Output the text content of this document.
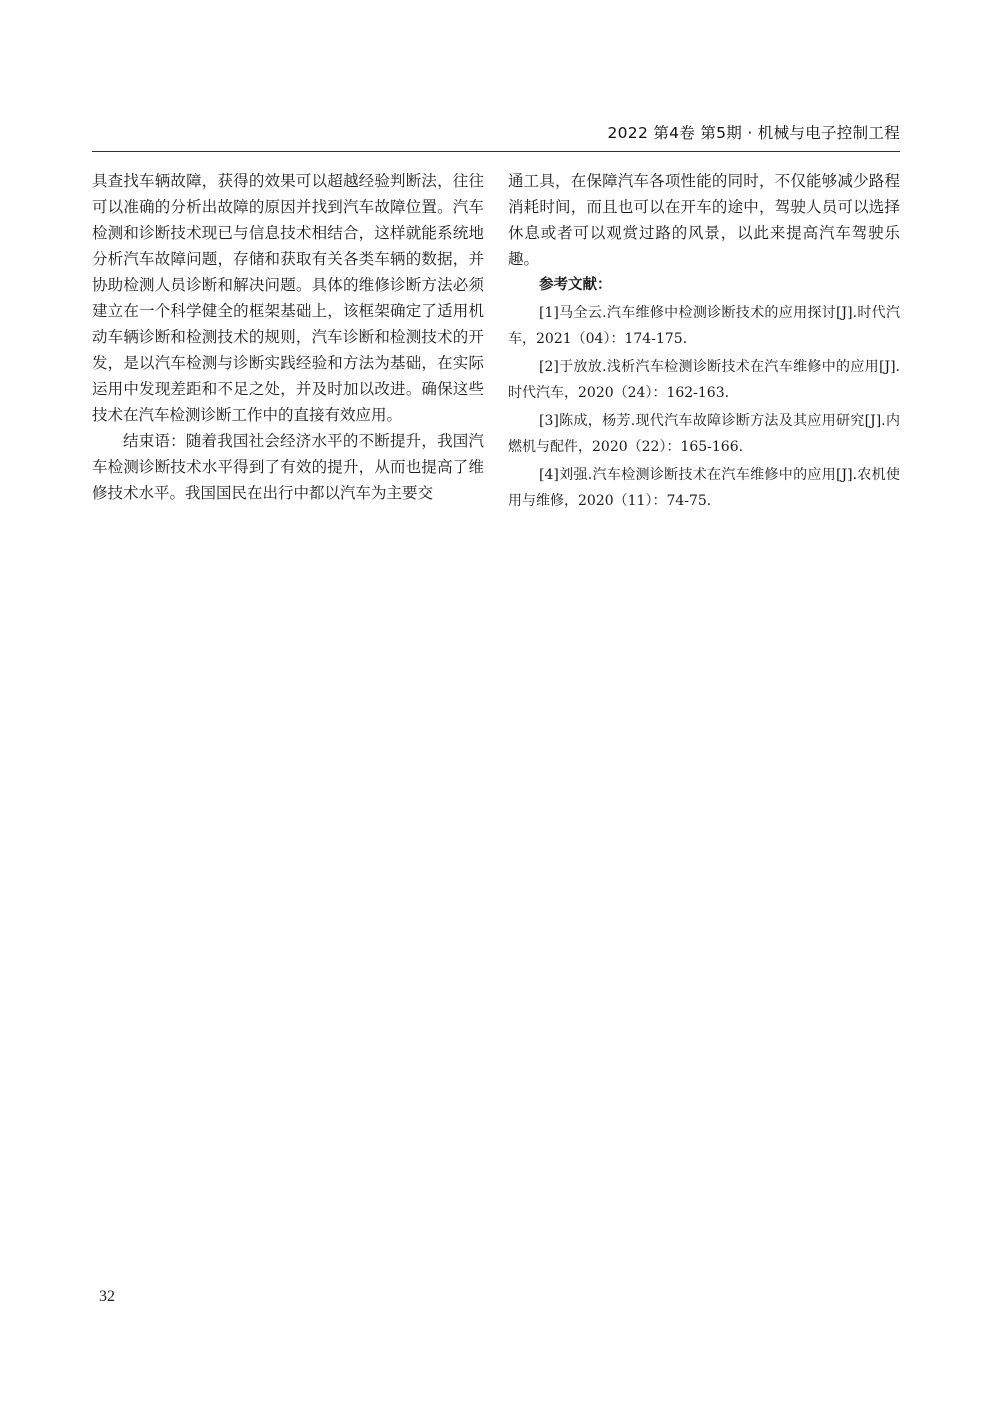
2022 第4卷 第5期 · 机械与电子控制工程

具查找车辆故障，获得的效果可以超越经验判断法，往往可以准确的分析出故障的原因并找到汽车故障位置。汽车检测和诊断技术现已与信息技术相结合，这样就能系统地分析汽车故障问题，存储和获取有关各类车辆的数据，并协助检测人员诊断和解决问题。具体的维修诊断方法必须建立在一个科学健全的框架基础上，该框架确定了适用机动车辆诊断和检测技术的规则，汽车诊断和检测技术的开发，是以汽车检测与诊断实践经验和方法为基础，在实际运用中发现差距和不足之处，并及时加以改进。确保这些技术在汽车检测诊断工作中的直接有效应用。

结束语：随着我国社会经济水平的不断提升，我国汽车检测诊断技术水平得到了有效的提升，从而也提高了维修技术水平。我国国民在出行中都以汽车为主要交

通工具，在保障汽车各项性能的同时，不仅能够减少路程消耗时间，而且也可以在开车的途中，驾驶人员可以选择休息或者可以观赏过路的风景，以此来提高汽车驾驶乐趣。

参考文献：

[1]马全云.汽车维修中检测诊断技术的应用探讨[J].时代汽车，2021（04）：174-175.

[2]于放放.浅析汽车检测诊断技术在汽车维修中的应用[J].时代汽车，2020（24）：162-163.

[3]陈成，杨芳.现代汽车故障诊断方法及其应用研究[J].内燃机与配件，2020（22）：165-166.

[4]刘强.汽车检测诊断技术在汽车维修中的应用[J].农机使用与维修，2020（11）：74-75.

32
